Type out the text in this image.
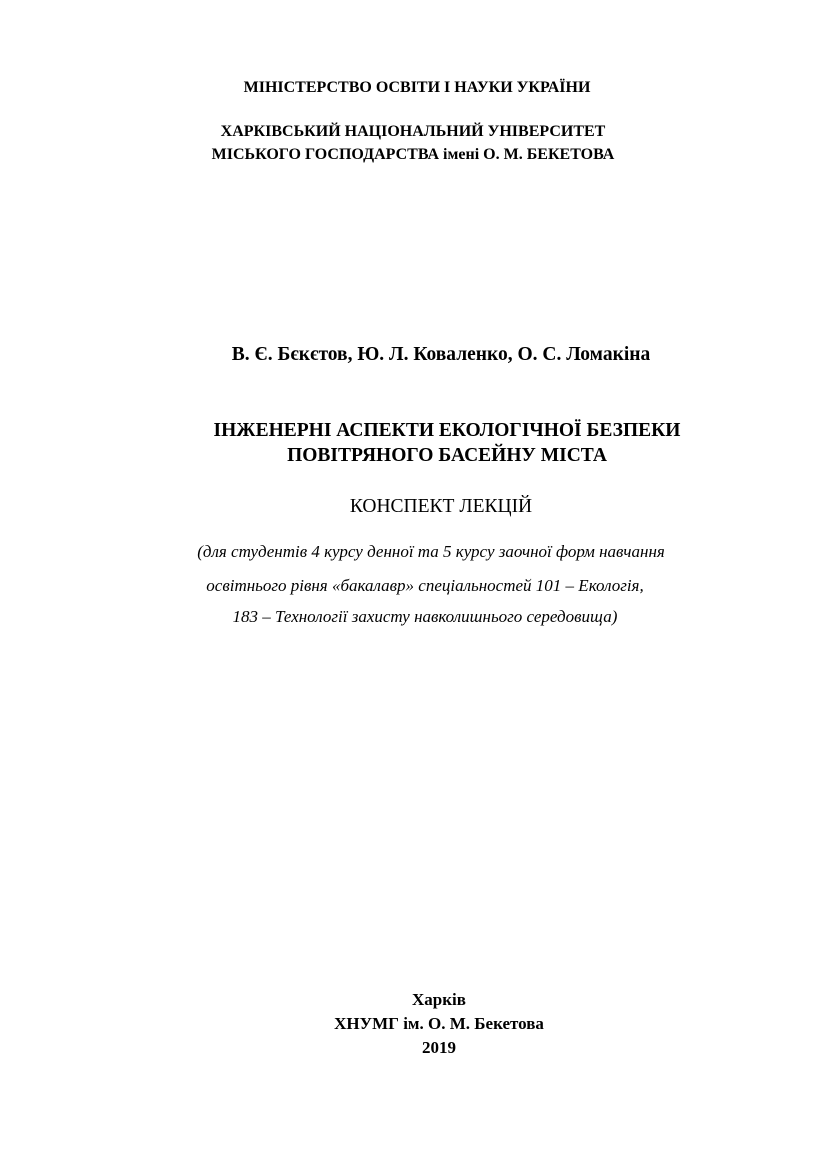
МІНІСТЕРСТВО ОСВІТИ І НАУКИ УКРАЇНИ
ХАРКІВСЬКИЙ НАЦІОНАЛЬНИЙ УНІВЕРСИТЕТ
МІСЬКОГО ГОСПОДАРСТВА імені О. М. БЕКЕТОВА
В. Є. Бєкєтов, Ю. Л. Коваленко, О. С. Ломакіна
ІНЖЕНЕРНІ АСПЕКТИ ЕКОЛОГІЧНОЇ БЕЗПЕКИ
ПОВІТРЯНОГО БАСЕЙНУ МІСТА
КОНСПЕКТ ЛЕКЦІЙ
(для студентів 4 курсу денної та 5 курсу заочної форм навчання
освітнього рівня «бакалавр» спеціальностей 101 – Екологія,
183 – Технології захисту навколишнього середовища)
Харків
ХНУМГ ім. О. М. Бекетова
2019
